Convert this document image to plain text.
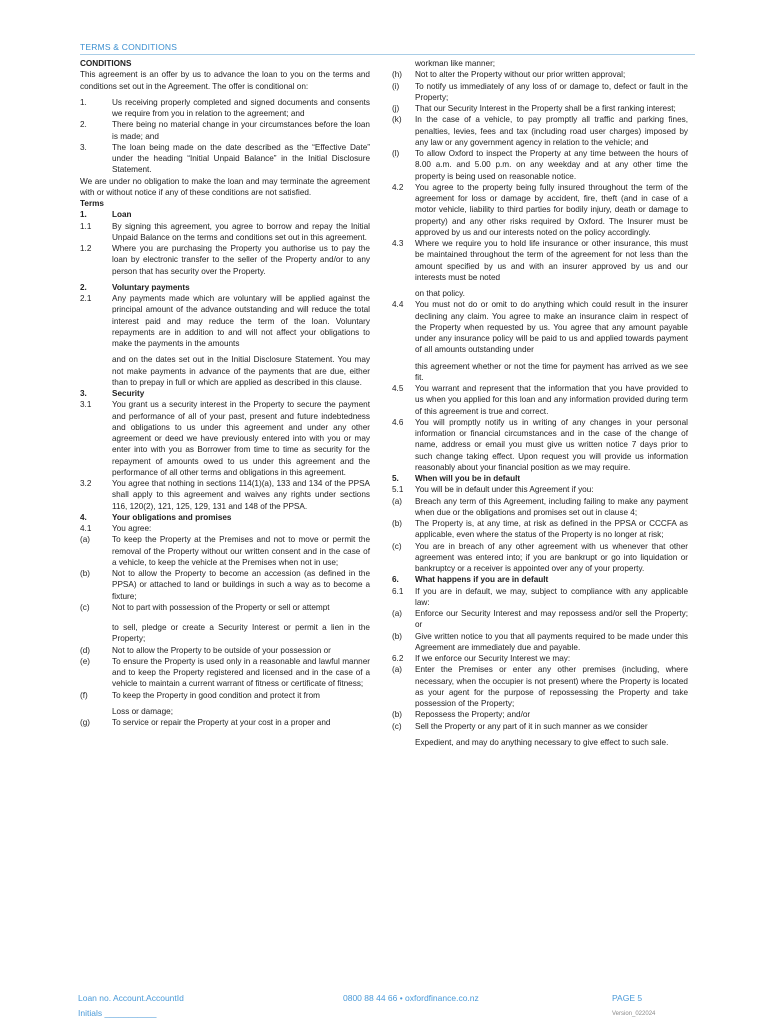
TERMS & CONDITIONS
CONDITIONS
This agreement is an offer by us to advance the loan to you on the terms and conditions set out in the Agreement. The offer is conditional on:
1.	Us receiving properly completed and signed documents and consents we require from you in relation to the agreement; and
2.	There being no material change in your circumstances before the loan is made; and
3.	The loan being made on the date described as the “Effective Date” under the heading “Initial Unpaid Balance” in the Initial Disclosure Statement.
We are under no obligation to make the loan and may terminate the agreement with or without notice if any of these conditions are not satisfied.
Terms
1.	Loan
1.1	By signing this agreement, you agree to borrow and repay the Initial Unpaid Balance on the terms and conditions set out in this agreement.
1.2	Where you are purchasing the Property you authorise us to pay the loan by electronic transfer to the seller of the Property and/or to any person that has security over the Property.
2.	Voluntary payments
2.1	Any payments made which are voluntary will be applied against the principal amount of the advance outstanding and will reduce the total interest paid and may reduce the term of the loan. Voluntary repayments are in addition to and will not affect your obligations to make the payments in the amounts
and on the dates set out in the Initial Disclosure Statement. You may not make payments in advance of the payments that are due, either than to prepay in full or which are applied as described in this clause.
3.	Security
3.1	You grant us a security interest in the Property to secure the payment and performance of all of your past, present and future indebtedness and obligations to us under this agreement and under any other agreement or deed we have previously entered into with you or may enter into with you as Borrower from time to time as security for the repayment of amounts owed to us under this agreement and the performance of all other terms and obligations in this agreement.
3.2	You agree that nothing in sections 114(1)(a), 133 and 134 of the PPSA shall apply to this agreement and waives any rights under sections 116, 120(2), 121, 125, 129, 131 and 148 of the PPSA.
4.	Your obligations and promises
4.1	You agree:
(a)	To keep the Property at the Premises and not to move or permit the removal of the Property without our written consent and in the case of a vehicle, to keep the vehicle at the Premises when not in use;
(b)	Not to allow the Property to become an accession (as defined in the PPSA) or attached to land or buildings in such a way as to become a fixture;
(c)	Not to part with possession of the Property or sell or attempt
to sell, pledge or create a Security Interest or permit a lien in the Property;
(d)	Not to allow the Property to be outside of your possession or
(e)	To ensure the Property is used only in a reasonable and lawful manner and to keep the Property registered and licensed and in the case of a vehicle to maintain a current warrant of fitness or certificate of fitness;
(f)	To keep the Property in good condition and protect it from
Loss or damage;
(g)	To service or repair the Property at your cost in a proper and
workman like manner;
(h)	Not to alter the Property without our prior written approval;
(i)	To notify us immediately of any loss of or damage to, defect or fault in the Property;
(j)	That our Security Interest in the Property shall be a first ranking interest;
(k)	In the case of a vehicle, to pay promptly all traffic and parking fines, penalties, levies, fees and tax (including road user charges) imposed by any law or any government agency in relation to the vehicle; and
(l)	To allow Oxford to inspect the Property at any time between the hours of 8.00 a.m. and 5.00 p.m. on any weekday and at any other time the property is being used on reasonable notice.
4.2	You agree to the property being fully insured throughout the term of the agreement for loss or damage by accident, fire, theft (and in case of a motor vehicle, liability to third parties for bodily injury, death or damage to property) and any other risks required by Oxford. The Insurer must be approved by us and our interests noted on the policy accordingly.
4.3	Where we require you to hold life insurance or other insurance, this must be maintained throughout the term of the agreement for not less than the amount specified by us and with an insurer approved by us and our interests must be noted
on that policy.
4.4	You must not do or omit to do anything which could result in the insurer declining any claim. You agree to make an insurance claim in respect of the Property when requested by us. You agree that any amount payable under any insurance policy will be paid to us and applied towards payment of all amounts outstanding under
this agreement whether or not the time for payment has arrived as we see fit.
4.5	You warrant and represent that the information that you have provided to us when you applied for this loan and any information provided during term of this agreement is true and correct.
4.6	You will promptly notify us in writing of any changes in your personal information or financial circumstances and in the case of the change of name, address or email you must give us written notice 7 days prior to such change taking effect. Upon request you will provide us information reasonably about your financial position as we may require.
5.	When will you be in default
5.1	You will be in default under this Agreement if you:
(a)	Breach any term of this Agreement, including failing to make any payment when due or the obligations and promises set out in clause 4;
(b)	The Property is, at any time, at risk as defined in the PPSA or CCCFA as applicable, even where the status of the Property is no longer at risk;
(c)	You are in breach of any other agreement with us whenever that other agreement was entered into; if you are bankrupt or go into liquidation or bankruptcy or a receiver is appointed over any of your property.
6.	What happens if you are in default
6.1	If you are in default, we may, subject to compliance with any applicable law:
(a)	Enforce our Security Interest and may repossess and/or sell the Property; or
(b)	Give written notice to you that all payments required to be made under this Agreement are immediately due and payable.
6.2	If we enforce our Security Interest we may:
(a)	Enter the Premises or enter any other premises (including, where necessary, when the occupier is not present) where the Property is located as your agent for the purpose of repossessing the Property and take possession of the Property;
(b)	Repossess the Property; and/or
(c)	Sell the Property or any part of it in such manner as we consider
Expedient, and may do anything necessary to give effect to such sale.
Loan no. Account.AccountId
Initials ___________
0800 88 44 66 • oxfordfinance.co.nz	PAGE 5
Version_022024
